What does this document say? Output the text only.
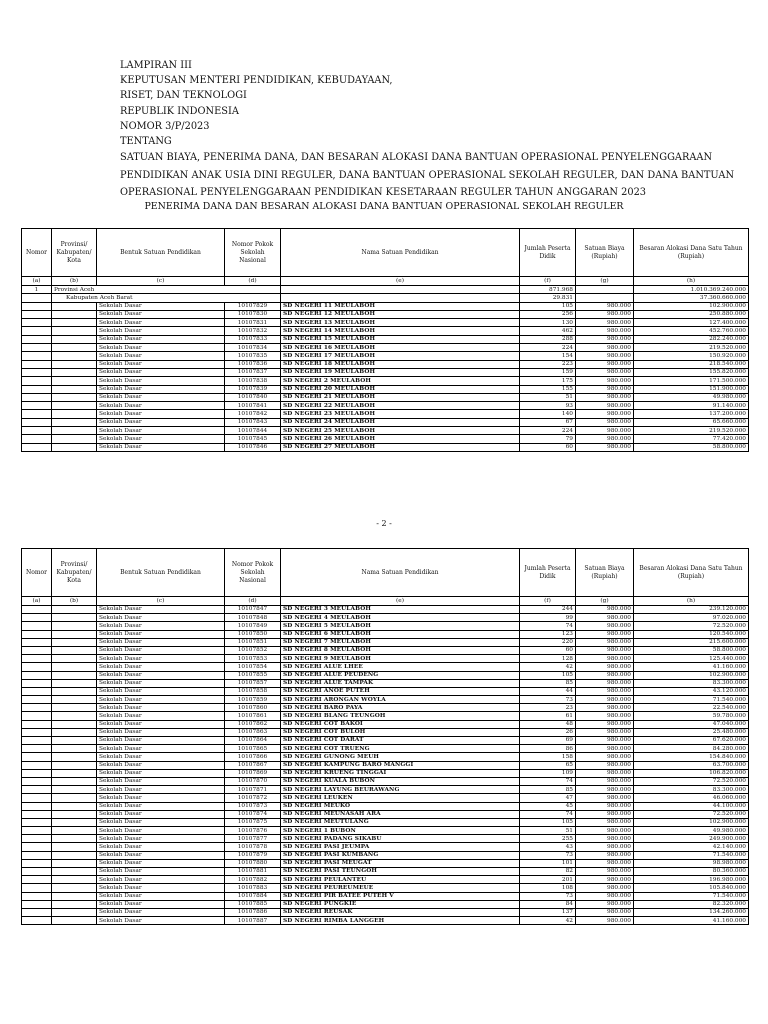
LAMPIRAN III
KEPUTUSAN MENTERI PENDIDIKAN, KEBUDAYAAN,
RISET, DAN TEKNOLOGI
REPUBLIK INDONESIA
NOMOR 3/P/2023
TENTANG
SATUAN BIAYA, PENERIMA DANA, DAN BESARAN ALOKASI DANA BANTUAN OPERASIONAL PENYELENGGARAAN
PENDIDIKAN ANAK USIA DINI REGULER, DANA BANTUAN OPERASIONAL SEKOLAH REGULER, DAN DANA BANTUAN
OPERASIONAL PENYELENGGARAAN PENDIDIKAN KESETARAAN REGULER TAHUN ANGGARAN 2023
PENERIMA DANA DAN BESARAN ALOKASI DANA BANTUAN OPERASIONAL SEKOLAH REGULER
Nomor	Provinsi/ Kabupaten/ Kota	Bentuk Satuan Pendidikan	Nomor Pokok Sekolah Nasional	Nama Satuan Pendidikan	Jumlah Peserta Didik	Satuan Biaya (Rupiah)	Besaran Alokasi Dana Satu Tahun (Rupiah)
(a)	(b)	(c)	(d)	(e)	(f)	(g)	(h)
1	Provinsi Aceh				871.968		1.010.369.240.000
	Kabupaten Aceh Barat				29.831		37.360.660.000
		Sekolah Dasar	10107829	SD NEGERI 11 MEULABOH	105	980.000	102.900.000
		Sekolah Dasar	10107830	SD NEGERI 12 MEULABOH	256	980.000	250.880.000
		Sekolah Dasar	10107831	SD NEGERI 13 MEULABOH	130	980.000	127.400.000
		Sekolah Dasar	10107832	SD NEGERI 14 MEULABOH	462	980.000	452.760.000
		Sekolah Dasar	10107833	SD NEGERI 15 MEULABOH	288	980.000	282.240.000
		Sekolah Dasar	10107834	SD NEGERI 16 MEULABOH	224	980.000	219.520.000
		Sekolah Dasar	10107835	SD NEGERI 17 MEULABOH	154	980.000	150.920.000
		Sekolah Dasar	10107836	SD NEGERI 18 MEULABOH	223	980.000	218.540.000
		Sekolah Dasar	10107837	SD NEGERI 19 MEULABOH	159	980.000	155.820.000
		Sekolah Dasar	10107838	SD NEGERI 2 MEULABOH	175	980.000	171.500.000
		Sekolah Dasar	10107839	SD NEGERI 20 MEULABOH	155	980.000	151.900.000
		Sekolah Dasar	10107840	SD NEGERI 21 MEULABOH	51	980.000	49.980.000
		Sekolah Dasar	10107841	SD NEGERI 22 MEULABOH	93	980.000	91.140.000
		Sekolah Dasar	10107842	SD NEGERI 23 MEULABOH	140	980.000	137.200.000
		Sekolah Dasar	10107843	SD NEGERI 24 MEULABOH	67	980.000	65.660.000
		Sekolah Dasar	10107844	SD NEGERI 25 MEULABOH	224	980.000	219.520.000
		Sekolah Dasar	10107845	SD NEGERI 26 MEULABOH	79	980.000	77.420.000
		Sekolah Dasar	10107846	SD NEGERI 27 MEULABOH	60	980.000	58.800.000
- 2 -
Nomor	Provinsi/ Kabupaten/ Kota	Bentuk Satuan Pendidikan	Nomor Pokok Sekolah Nasional	Nama Satuan Pendidikan	Jumlah Peserta Didik	Satuan Biaya (Rupiah)	Besaran Alokasi Dana Satu Tahun (Rupiah)
(a)	(b)	(c)	(d)	(e)	(f)	(g)	(h)
		Sekolah Dasar	10107847	SD NEGERI 3 MEULABOH	244	980.000	239.120.000
		Sekolah Dasar	10107848	SD NEGERI 4 MEULABOH	99	980.000	97.020.000
		Sekolah Dasar	10107849	SD NEGERI 5 MEULABOH	74	980.000	72.520.000
		Sekolah Dasar	10107850	SD NEGERI 6 MEULABOH	123	980.000	120.540.000
		Sekolah Dasar	10107851	SD NEGERI 7 MEULABOH	220	980.000	215.600.000
		Sekolah Dasar	10107852	SD NEGERI 8 MEULABOH	60	980.000	58.800.000
		Sekolah Dasar	10107853	SD NEGERI 9 MEULABOH	128	980.000	125.440.000
		Sekolah Dasar	10107854	SD NEGERI ALUE LHEE	42	980.000	41.160.000
		Sekolah Dasar	10107855	SD NEGERI ALUE PEUDENG	105	980.000	102.900.000
		Sekolah Dasar	10107857	SD NEGERI ALUE TAMPAK	85	980.000	83.300.000
		Sekolah Dasar	10107858	SD NEGERI ANOE PUTEH	44	980.000	43.120.000
		Sekolah Dasar	10107859	SD NEGERI ARONGAN WOYLA	73	980.000	71.540.000
		Sekolah Dasar	10107860	SD NEGERI BARO PAYA	23	980.000	22.540.000
		Sekolah Dasar	10107861	SD NEGERI BLANG TEUNGOH	61	980.000	59.780.000
		Sekolah Dasar	10107862	SD NEGERI COT BAKOI	48	980.000	47.040.000
		Sekolah Dasar	10107863	SD NEGERI COT BULOH	26	980.000	25.480.000
		Sekolah Dasar	10107864	SD NEGERI COT DARAT	69	980.000	67.620.000
		Sekolah Dasar	10107865	SD NEGERI COT TRUENG	86	980.000	84.280.000
		Sekolah Dasar	10107866	SD NEGERI GUNONG MEUH	158	980.000	154.840.000
		Sekolah Dasar	10107867	SD NEGERI KAMPUNG BARO MANGGI	65	980.000	63.700.000
		Sekolah Dasar	10107869	SD NEGERI KRUENG TINGGAI	109	980.000	106.820.000
		Sekolah Dasar	10107870	SD NEGERI KUALA BUBON	74	980.000	72.520.000
		Sekolah Dasar	10107871	SD NEGERI LAYUNG BEURAWANG	85	980.000	83.300.000
		Sekolah Dasar	10107872	SD NEGERI LEUKEN	47	980.000	46.060.000
		Sekolah Dasar	10107873	SD NEGERI MEUKO	45	980.000	44.100.000
		Sekolah Dasar	10107874	SD NEGERI MEUNASAH ARA	74	980.000	72.520.000
		Sekolah Dasar	10107875	SD NEGERI MEUTULANG	105	980.000	102.900.000
		Sekolah Dasar	10107876	SD NEGERI 1 BUBON	51	980.000	49.980.000
		Sekolah Dasar	10107877	SD NEGERI PADANG SIKABU	255	980.000	249.900.000
		Sekolah Dasar	10107878	SD NEGERI PASI JEUMPA	43	980.000	42.140.000
		Sekolah Dasar	10107879	SD NEGERI PASI KUMBANG	73	980.000	71.540.000
		Sekolah Dasar	10107880	SD NEGERI PASI MEUGAT	101	980.000	98.980.000
		Sekolah Dasar	10107881	SD NEGERI PASI TEUNGOH	82	980.000	80.360.000
		Sekolah Dasar	10107882	SD NEGERI PEULANTEU	201	980.000	196.980.000
		Sekolah Dasar	10107883	SD NEGERI PEUREUMEUE	108	980.000	105.840.000
		Sekolah Dasar	10107884	SD NEGERI PIR BATEE PUTEH V	73	980.000	71.540.000
		Sekolah Dasar	10107885	SD NEGERI PUNGKIE	84	980.000	82.320.000
		Sekolah Dasar	10107886	SD NEGERI REUSAK	137	980.000	134.260.000
		Sekolah Dasar	10107887	SD NEGERI RIMBA LANGGEH	42	980.000	41.160.000
